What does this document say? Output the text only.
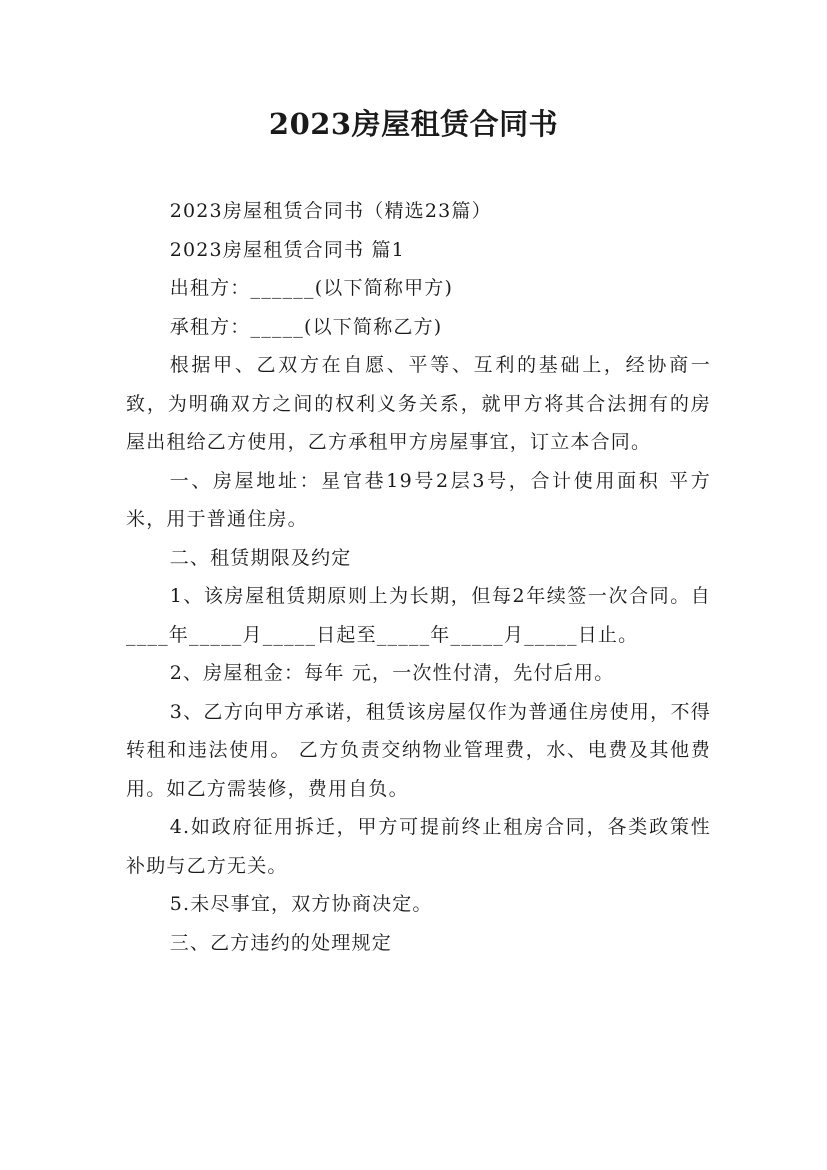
2023房屋租赁合同书

2023房屋租赁合同书（精选23篇）

2023房屋租赁合同书 篇1

出租方：______(以下简称甲方)

承租方：_____(以下简称乙方)

根据甲、乙双方在自愿、平等、互利的基础上，经协商一致，为明确双方之间的权利义务关系，就甲方将其合法拥有的房屋出租给乙方使用，乙方承租甲方房屋事宜，订立本合同。

一、房屋地址：星官巷19号2层3号，合计使用面积 平方米，用于普通住房。

二、租赁期限及约定

1、该房屋租赁期原则上为长期，但每2年续签一次合同。自____年_____月_____日起至_____年_____月_____日止。

2、房屋租金：每年 元，一次性付清，先付后用。

3、乙方向甲方承诺，租赁该房屋仅作为普通住房使用，不得转租和违法使用。 乙方负责交纳物业管理费，水、电费及其他费用。如乙方需装修，费用自负。

4.如政府征用拆迁，甲方可提前终止租房合同，各类政策性补助与乙方无关。

5.未尽事宜，双方协商决定。

三、乙方违约的处理规定
